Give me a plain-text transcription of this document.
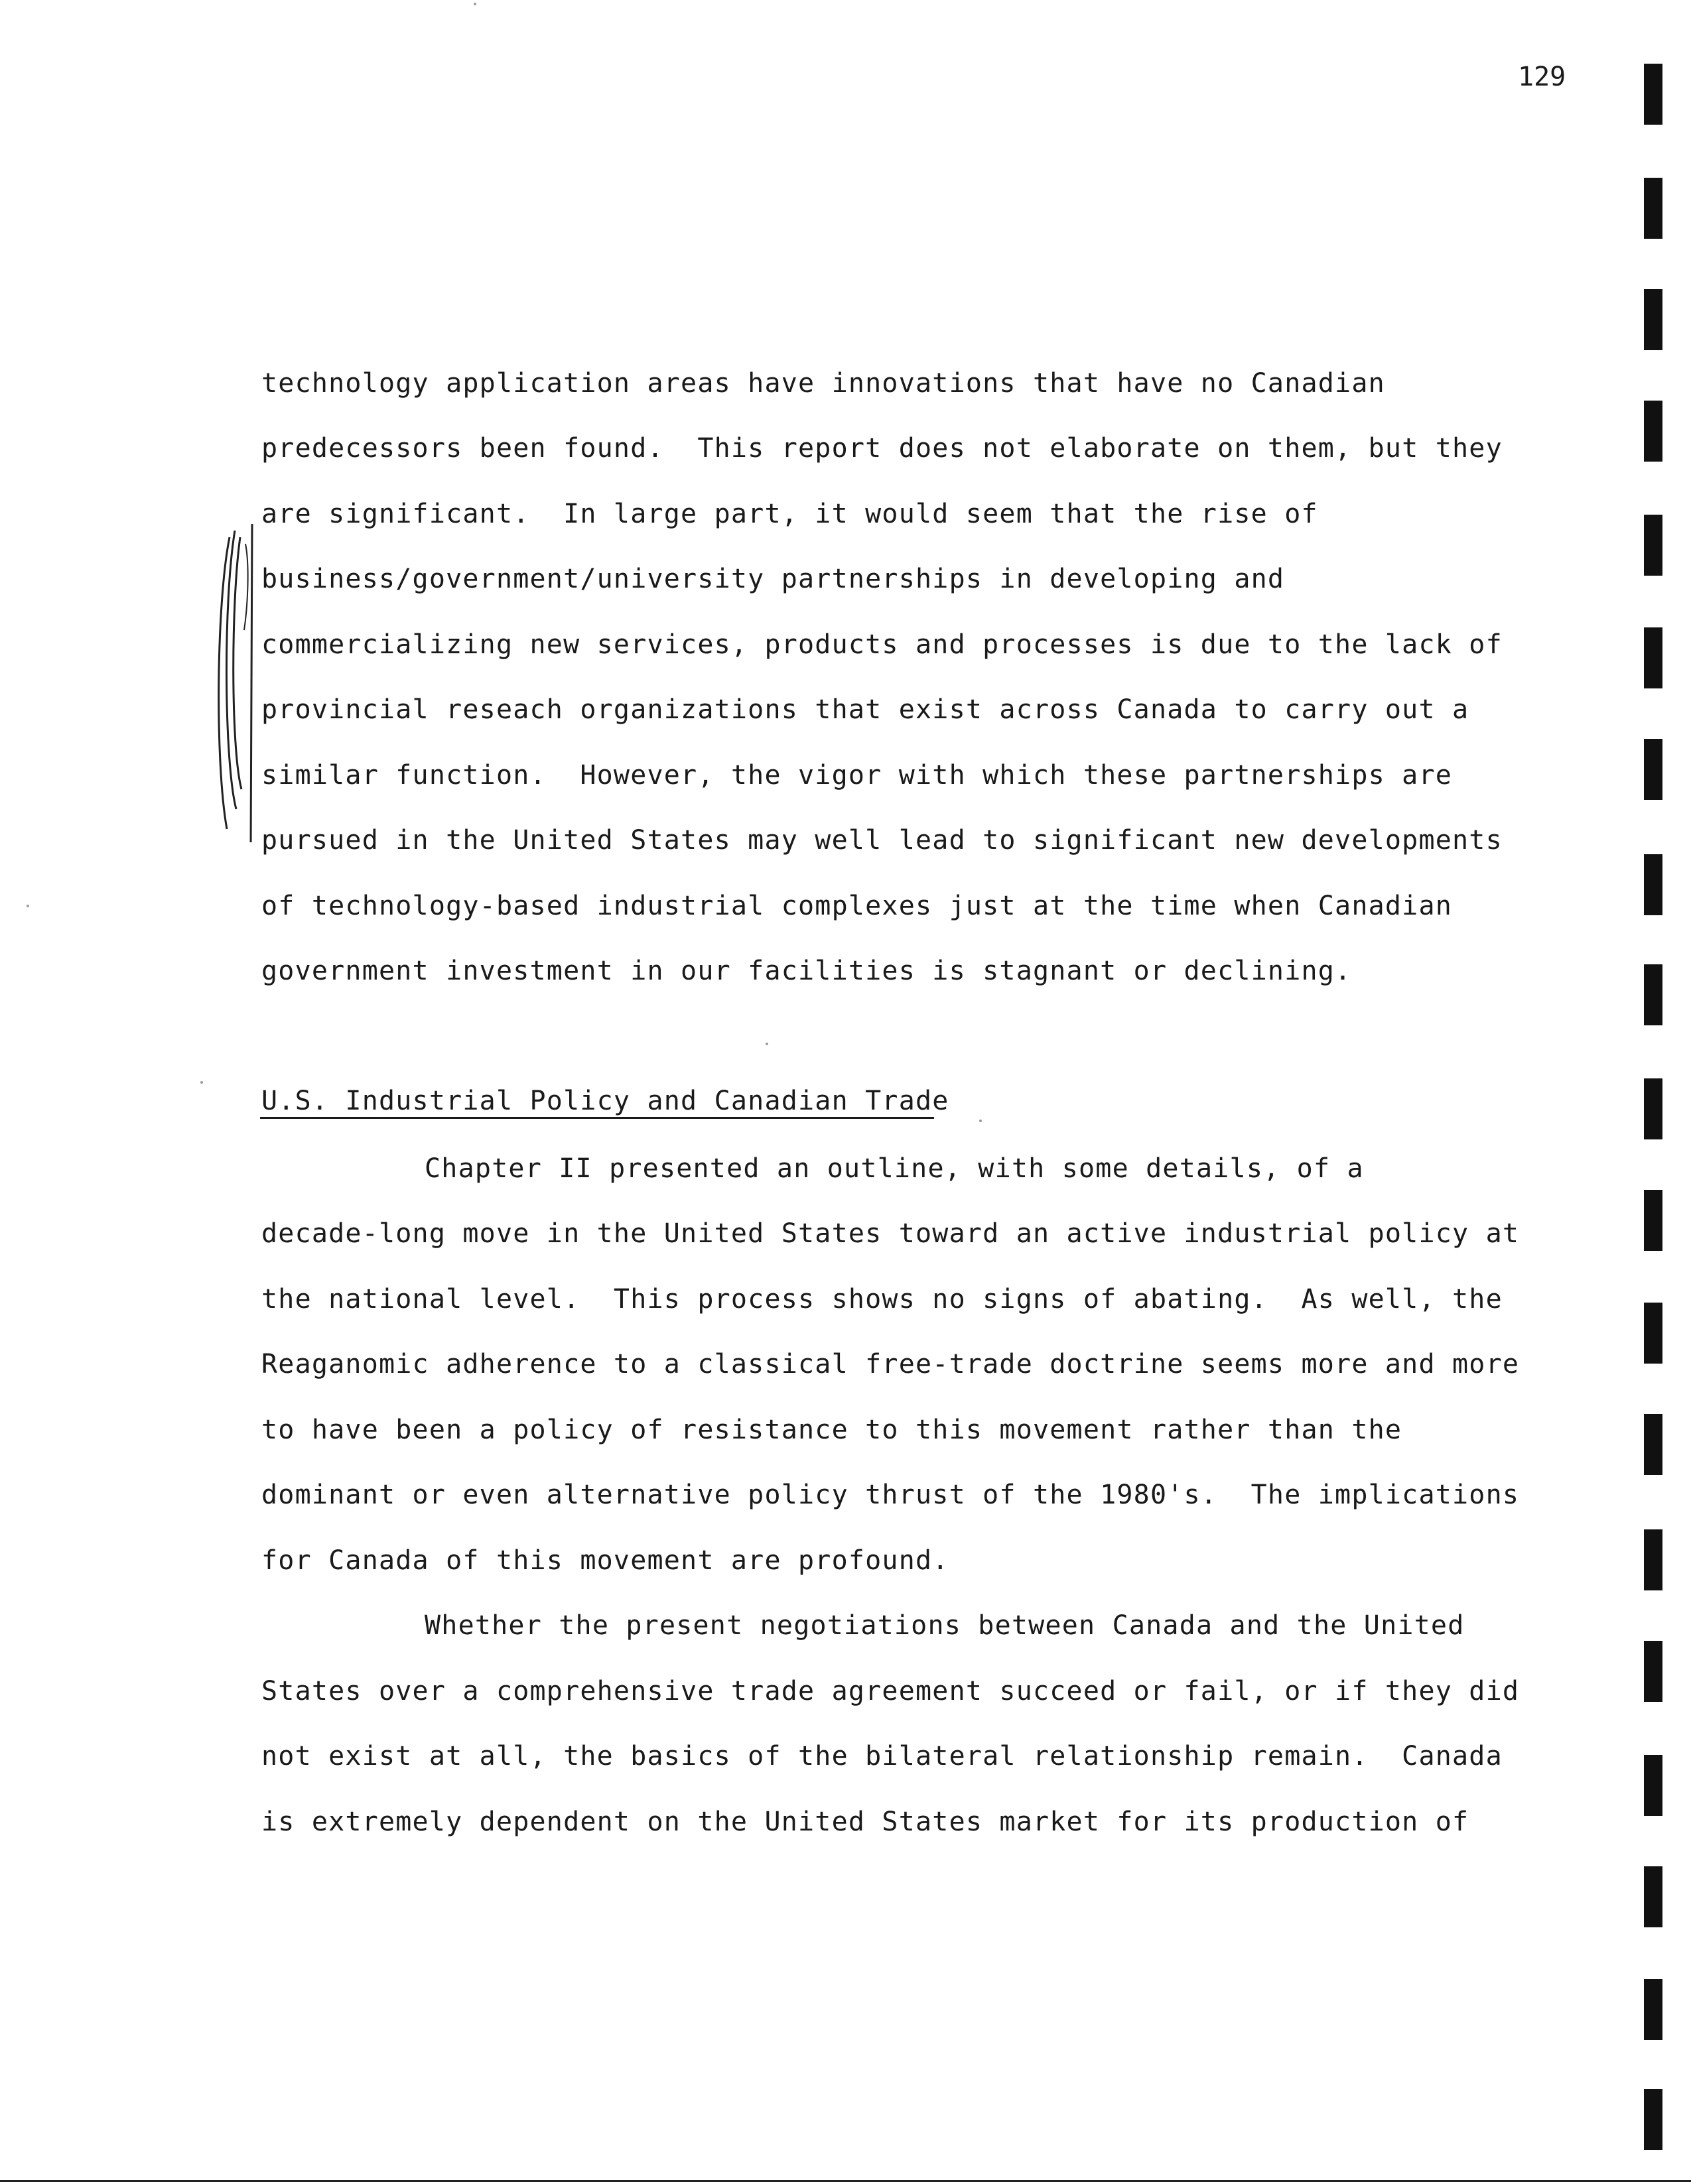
129
technology application areas have innovations that have no Canadian
predecessors been found.  This report does not elaborate on them, but they
are significant.  In large part, it would seem that the rise of
business/government/university partnerships in developing and
commercializing new services, products and processes is due to the lack of
provincial reseach organizations that exist across Canada to carry out a
similar function.  However, the vigor with which these partnerships are
pursued in the United States may well lead to significant new developments
of technology-based industrial complexes just at the time when Canadian
government investment in our facilities is stagnant or declining.
U.S. Industrial Policy and Canadian Trade
Chapter II presented an outline, with some details, of a
decade-long move in the United States toward an active industrial policy at
the national level.  This process shows no signs of abating.  As well, the
Reaganomic adherence to a classical free-trade doctrine seems more and more
to have been a policy of resistance to this movement rather than the
dominant or even alternative policy thrust of the 1980's.  The implications
for Canada of this movement are profound.
Whether the present negotiations between Canada and the United
States over a comprehensive trade agreement succeed or fail, or if they did
not exist at all, the basics of the bilateral relationship remain.  Canada
is extremely dependent on the United States market for its production of
